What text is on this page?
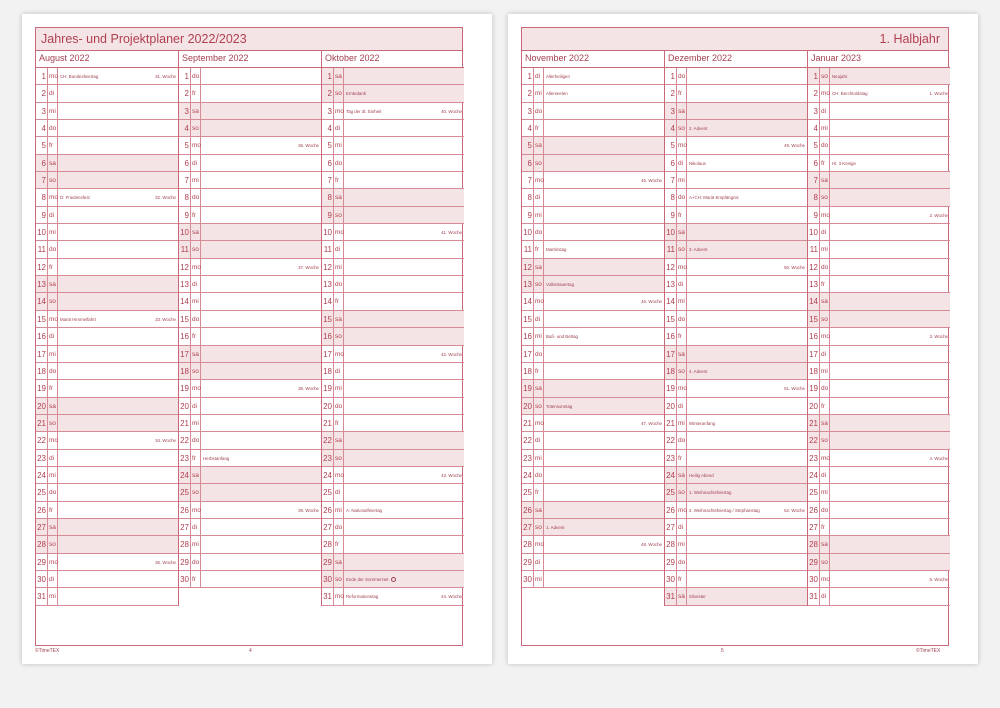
Jahres- und Projektplaner 2022/2023
August 2022
1 mo CH: Bundesfeiertag	31. Woche
2 di
3 mi
4 do
5 fr
6 sa
7 so
8 mo D: Friedensfest	32. Woche
9 di
10 mi
11 do
12 fr
13 sa
14 so
15 mo Mariä Himmelfahrt	33. Woche
16 di
17 mi
18 do
19 fr
20 sa
21 so
22 mo	34. Woche
23 di
24 mi
25 do
26 fr
27 sa
28 so
29 mo	35. Woche
30 di
31 mi
September 2022
1 do
2 fr
3 sa
4 so
5 mo	36. Woche
6 di
7 mi
8 do
9 fr
10 sa
11 so
12 mo	37. Woche
13 di
14 mi
15 do
16 fr
17 sa
18 so
19 mo	38. Woche
20 di
21 mi
22 do
23 fr	Herbstanfang
24 sa
25 so
26 mo	39. Woche
27 di
28 mi
29 do
30 fr
Oktober 2022
1 sa
2 so Erntedank
3 mo Tag der dt. Einheit	40. Woche
4 di
5 mi
6 do
7 fr
8 sa
9 so
10 mo	41. Woche
11 di
12 mi
13 do
14 fr
15 sa
16 so
17 mo	42. Woche
18 di
19 mi
20 do
21 fr
22 sa
23 so
24 mo	43. Woche
25 di
26 mi A: Nationalfeiertag
27 do
28 fr
29 sa
30 so Ende der Sommerzeit
31 mo Reformationstag	44. Woche
©TimeTEX	4
1. Halbjahr
November 2022
1 di	Allerheiligen
2 mi Allerseelen
3 do
4 fr
5 sa
6 so
7 mo	45. Woche
8 di
9 mi
10 do
11 fr	Martinstag
12 sa
13 so Volkstrauertag
14 mo	46. Woche
15 di
16 mi Buß- und Bettag
17 do
18 fr
19 sa
20 so Totensonntag
21 mo	47. Woche
22 di
23 mi
24 do
25 fr
26 sa
27 so 1. Advent
28 mo	48. Woche
29 di
30 mi
Dezember 2022
1 do
2 fr
3 sa
4 so 2. Advent
5 mo	49. Woche
6 di	Nikolaus
7 mi
8 do A+CH: Mariä Empfängnis
9 fr
10 sa
11 so 3. Advent
12 mo	50. Woche
13 di
14 mi
15 do
16 fr
17 sa
18 so 4. Advent
19 mo	51. Woche
20 di
21 mi Winteranfang
22 do
23 fr
24 sa Heilig Abend
25 so 1. Weihnachtsfeiertag
26 mo 2. Weihnachtsfeiertag / Stephanstag	52. Woche
27 di
28 mi
29 do
30 fr
31 sa Silvester
Januar 2023
1 so Neujahr
2 mo CH: Berchtoldstag	1. Woche
3 di
4 mi
5 do
6 fr	Hl. 3 Könige
7 sa
8 so
9 mo	2. Woche
10 di
11 mi
12 do
13 fr
14 sa
15 so
16 mo	3. Woche
17 di
18 mi
19 do
20 fr
21 sa
22 so
23 mo	4. Woche
24 di
25 mi
26 do
27 fr
28 sa
29 so
30 mo	5. Woche
31 di
5	©TimeTEX
